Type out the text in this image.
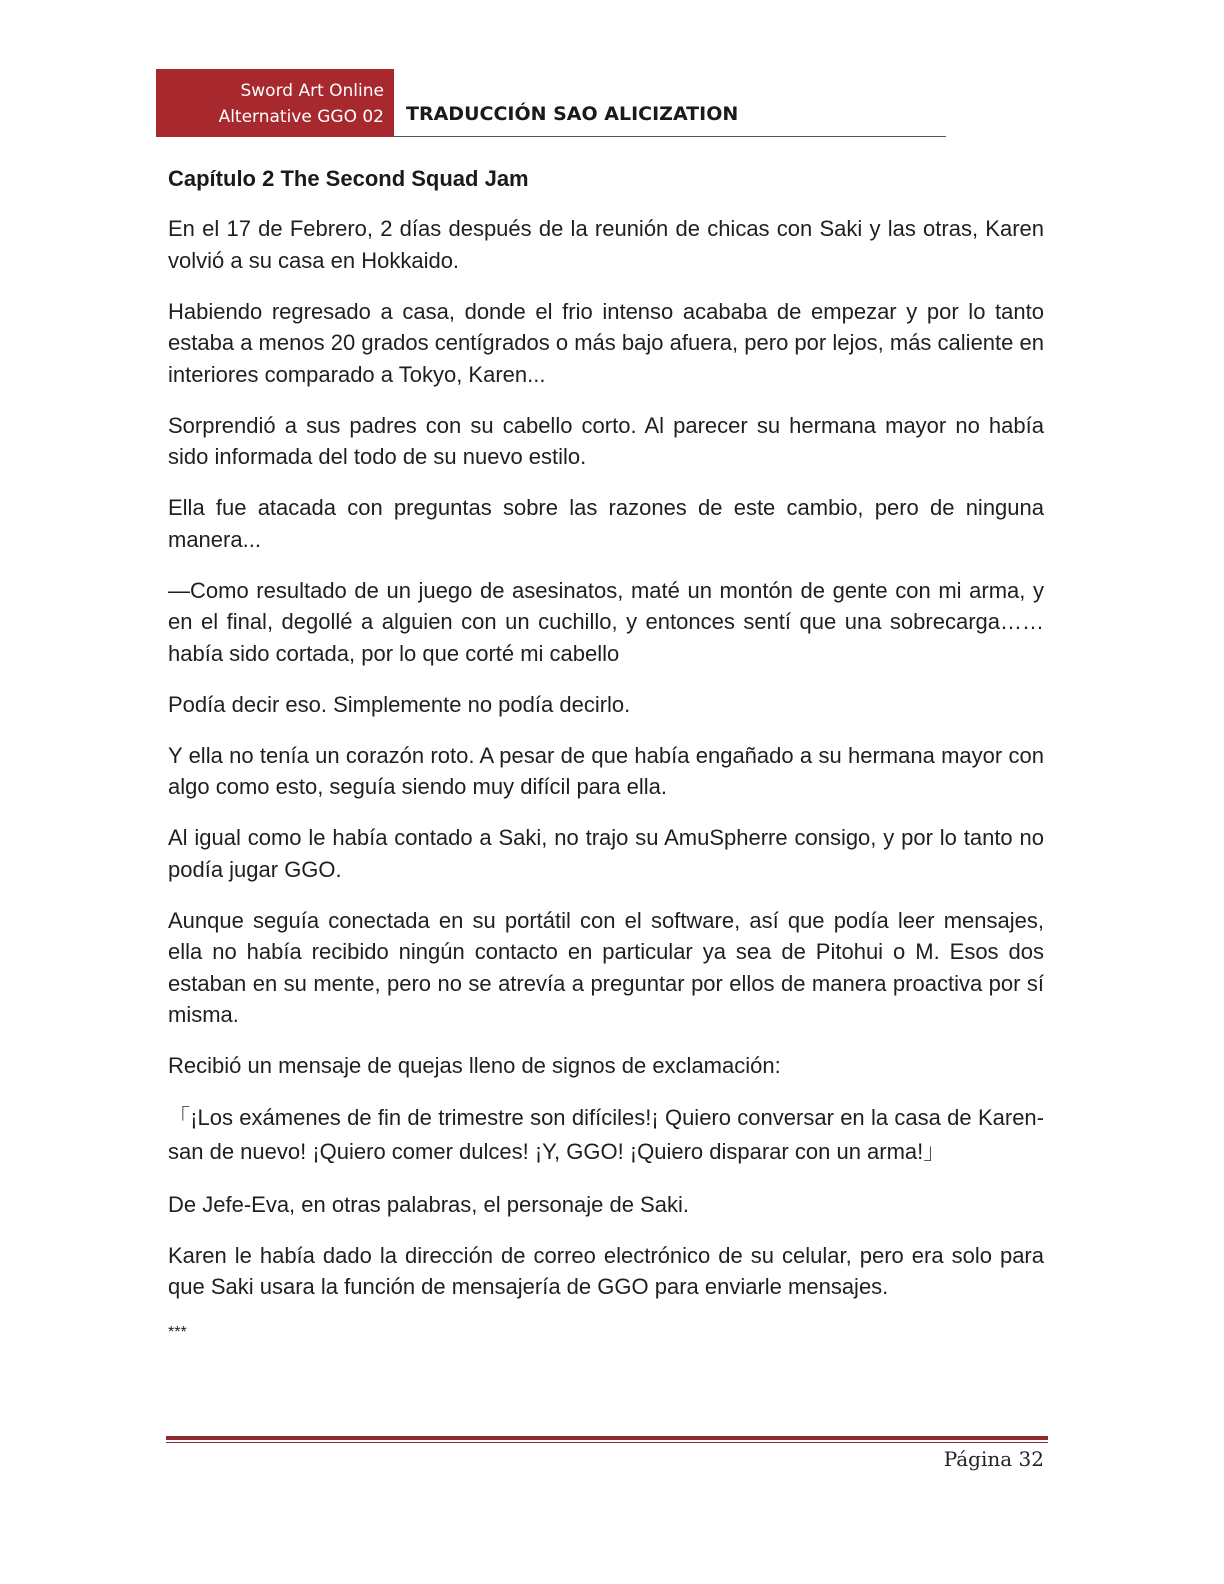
Sword Art Online
Alternative GGO 02 TRADUCCIÓN SAO ALICIZATION
Capítulo 2 The Second Squad Jam

En el 17 de Febrero, 2 días después de la reunión de chicas con Saki y las otras, Karen volvió a su casa en Hokkaido.

Habiendo regresado a casa, donde el frio intenso acababa de empezar y por lo tanto estaba a menos 20 grados centígrados o más bajo afuera, pero por lejos, más caliente en interiores comparado a Tokyo, Karen...

Sorprendió a sus padres con su cabello corto. Al parecer su hermana mayor no había sido informada del todo de su nuevo estilo.

Ella fue atacada con preguntas sobre las razones de este cambio, pero de ninguna manera...

—Como resultado de un juego de asesinatos, maté un montón de gente con mi arma, y en el final, degollé a alguien con un cuchillo, y entonces sentí que una sobrecarga…… había sido cortada, por lo que corté mi cabello

Podía decir eso. Simplemente no podía decirlo.

Y ella no tenía un corazón roto. A pesar de que había engañado a su hermana mayor con algo como esto, seguía siendo muy difícil para ella.

Al igual como le había contado a Saki, no trajo su AmuSpherre consigo, y por lo tanto no podía jugar GGO.

Aunque seguía conectada en su portátil con el software, así que podía leer mensajes, ella no había recibido ningún contacto en particular ya sea de Pitohui o M. Esos dos estaban en su mente, pero no se atrevía a preguntar por ellos de manera proactiva por sí misma.

Recibió un mensaje de quejas lleno de signos de exclamación:

「¡Los exámenes de fin de trimestre son difíciles!¡ Quiero conversar en la casa de Karen-san de nuevo! ¡Quiero comer dulces! ¡Y, GGO! ¡Quiero disparar con un arma!」

De Jefe-Eva, en otras palabras, el personaje de Saki.

Karen le había dado la dirección de correo electrónico de su celular, pero era solo para que Saki usara la función de mensajería de GGO para enviarle mensajes.

***

Página 32
